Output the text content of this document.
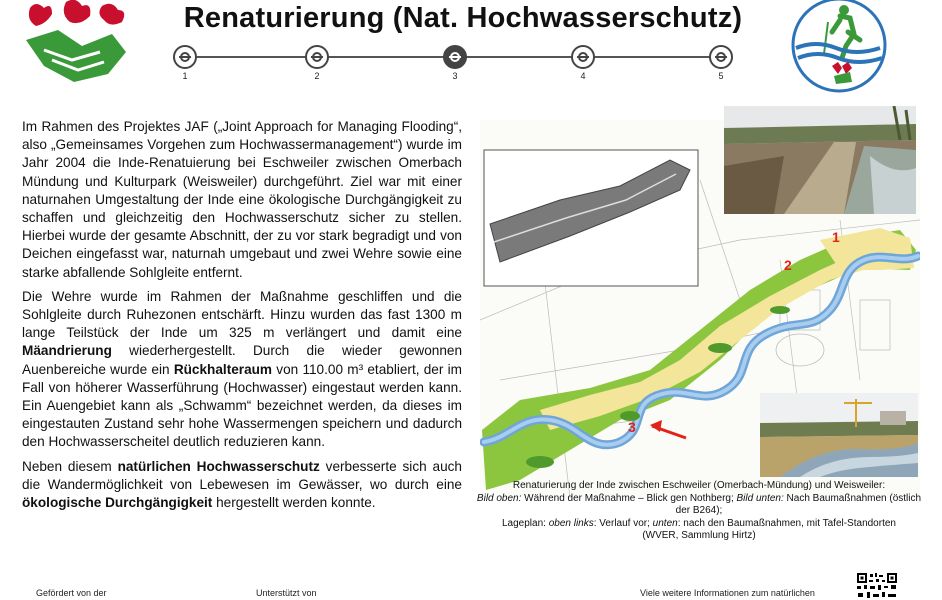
Renaturierung (Nat. Hochwasserschutz)
1	2	3	4	5

Im Rahmen des Projektes JAF („Joint Approach for Managing Flooding“, also „Gemeinsames Vorgehen zum Hochwassermanagement“) wurde im Jahr 2004 die Inde-Renatuierung bei Eschweiler zwischen Omerbach Mündung und Kulturpark (Weisweiler) durchgeführt. Ziel war mit einer naturnahen Umgestaltung der Inde eine ökologische Durchgängigkeit zu schaffen und gleichzeitig den Hochwasserschutz sicher zu stellen. Hierbei wurde der gesamte Abschnitt, der zu vor stark begradigt und von Deichen eingefasst war, naturnah umgebaut und zwei Wehre sowie eine starke abfallende Sohlgleite entfernt.

Die Wehre wurde im Rahmen der Maßnahme geschliffen und die Sohlgleite durch Ruhezonen entschärft. Hinzu wurden das fast 1300 m lange Teilstück der Inde um 325 m verlängert und damit eine Mäandrierung wiederhergestellt. Durch die wieder gewonnen Auenbereiche wurde ein Rückhalteraum von 110.00 m³ etabliert, der im Fall von höherer Wasserführung (Hochwasser) eingestaut werden kann. Ein Auengebiet kann als „Schwamm“ bezeichnet werden, da dieses im eingestauten Zustand sehr hohe Wassermengen speichern und dadurch den Hochwasserscheitel deutlich reduzieren kann.

Neben diesem natürlichen Hochwasserschutz verbesserte sich auch die Wandermöglichkeit von Lebewesen im Gewässer, wo durch eine ökologische Durchgängigkeit hergestellt werden konnte.

1
2
3
Renaturierung der Inde zwischen Eschweiler (Omerbach-Mündung) und Weisweiler:
Bild oben: Während der Maßnahme – Blick gen Nothberg; Bild unten: Nach Baumaßnahmen (östlich der B264);
Lageplan: oben links: Verlauf vor; unten: nach den Baumaßnahmen, mit Tafel-Standorten
(WVER, Sammlung Hirtz)
Gefördert von der	Unterstützt von	Viele weitere Informationen zum natürlichen
